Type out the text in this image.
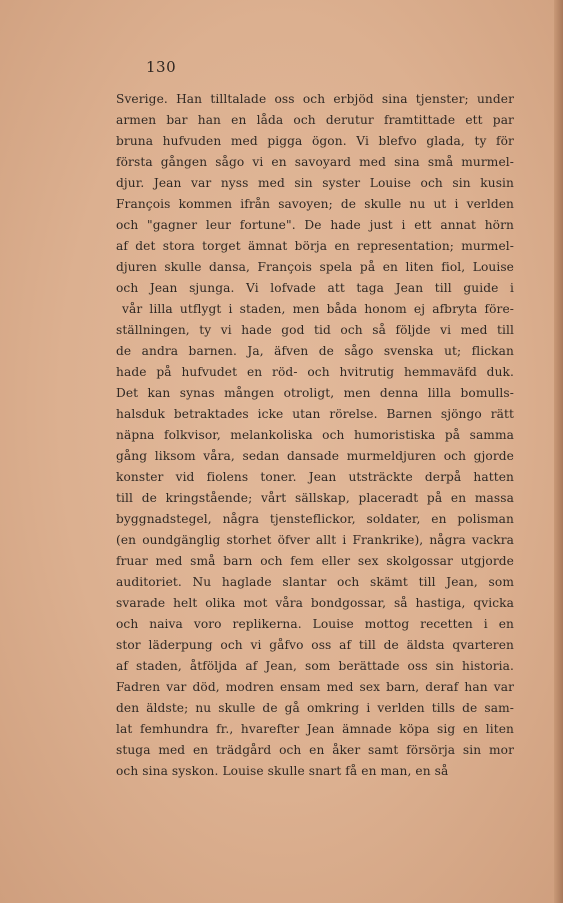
130
Sverige. Han tilltalade oss och erbjöd sina tjenster; under
armen bar han en låda och derutur framtittade ett par
bruna hufvuden med pigga ögon. Vi blefvo glada, ty för
första gången sågo vi en savoyard med sina små murmel-
djur. Jean var nyss med sin syster Louise och sin kusin
François kommen ifrån savoyen; de skulle nu ut i verlden
och "gagner leur fortune". De hade just i ett annat hörn
af det stora torget ämnat börja en representation; murmel-
djuren skulle dansa, François spela på en liten fiol, Louise
och Jean sjunga. Vi lofvade att taga Jean till guide i
vår lilla utflygt i staden, men båda honom ej afbryta före-
ställningen, ty vi hade god tid och så följde vi med till
de andra barnen. Ja, äfven de sågo svenska ut; flickan
hade på hufvudet en röd- och hvitrutig hemmaväfd duk.
Det kan synas mången otroligt, men denna lilla bomulls-
halsduk betraktades icke utan rörelse. Barnen sjöngo rätt
näpna folkvisor, melankoliska och humoristiska på samma
gång liksom våra, sedan dansade murmeldjuren och gjorde
konster vid fiolens toner. Jean utsträckte derpå hatten
till de kringstående; vårt sällskap, placeradt på en massa
byggnadstegel, några tjensteflickor, soldater, en polisman
(en oundgänglig storhet öfver allt i Frankrike), några vackra
fruar med små barn och fem eller sex skolgossar utgjorde
auditoriet. Nu haglade slantar och skämt till Jean, som
svarade helt olika mot våra bondgossar, så hastiga, qvicka
och naiva voro replikerna. Louise mottog recetten i en
stor läderpung och vi gåfvo oss af till de äldsta qvarteren
af staden, åtföljda af Jean, som berättade oss sin historia.
Fadren var död, modren ensam med sex barn, deraf han var
den äldste; nu skulle de gå omkring i verlden tills de sam-
lat femhundra fr., hvarefter Jean ämnade köpa sig en liten
stuga med en trädgård och en åker samt försörja sin mor
och sina syskon. Louise skulle snart få en man, en så
